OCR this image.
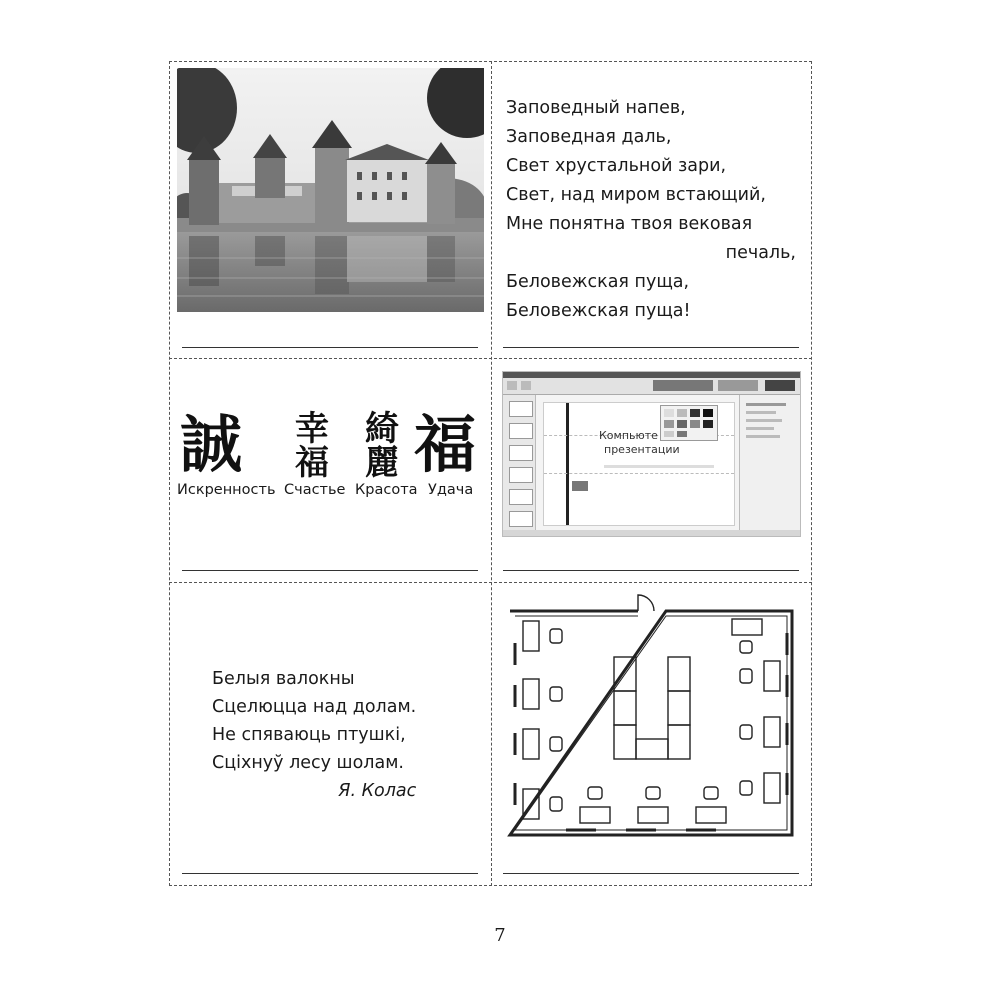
Заповедный напев,
Заповедная даль,
Свет хрустальной зари,
Свет, над миром встающий,
Мне понятна твоя вековая
печаль,
Беловежская пуща,
Беловежская пуща!
誠 幸福
綺麗 福
Искренность Счастье Красота Удача
Компьюте
презентации
Белыя валокны
Сцелюцца над долам.
Не спяваюць птушкі,
Сціхнуў лесу шолам.
Я. Колас
7
